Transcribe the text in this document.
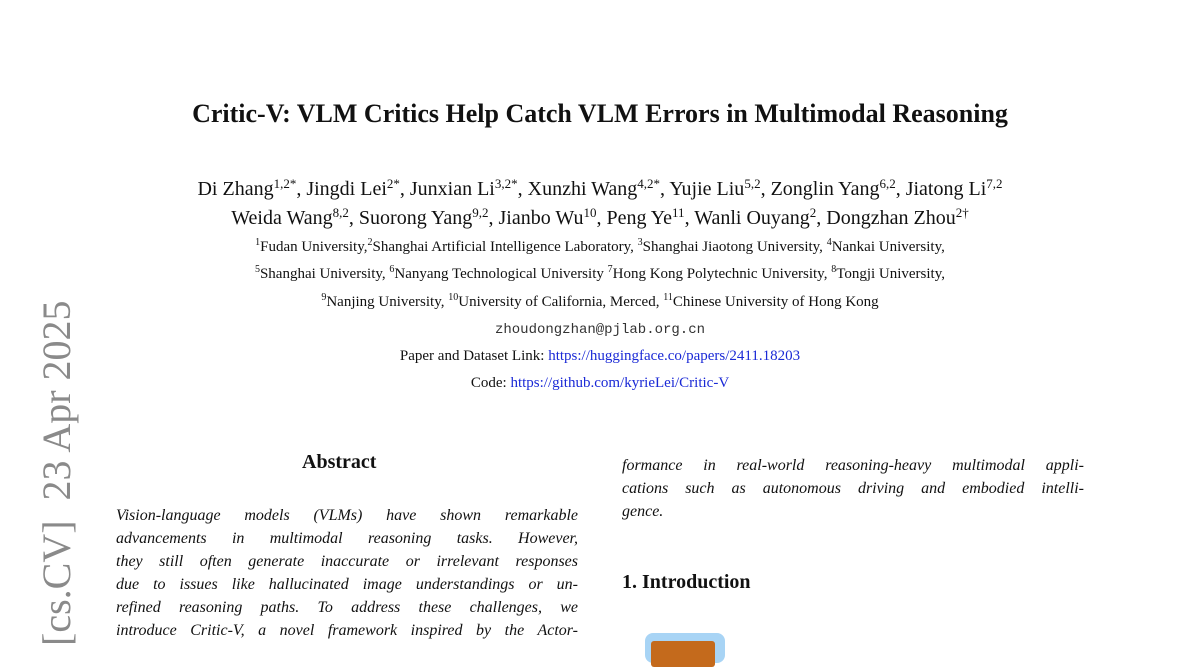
[cs.CV]  23 Apr 2025
Critic-V: VLM Critics Help Catch VLM Errors in Multimodal Reasoning
Di Zhang$^{1,2*}$, Jingdi Lei$^{2*}$, Junxian $Li^{3,2*}$, Xunzhi Wang$^{4,2*}$, Yujie Liu$^{5,2}$, Zonglin Yang$^{6,2}$, Jiatong Li$^{7,2}$
Weida Wang$^{8,2}$, Suorong Yang$^{9,2}$, Jianbo Wu$^{10}$, Peng Ye$^{11}$, Wanli Ouyang$^2$, Dongzhan Zhou$^{2\dagger}$
$^1$Fudan University,$^2$Shanghai Artificial Intelligence Laboratory, $^3$Shanghai Jiaotong University, $^4$Nankai University,
$^5$Shanghai University, $^6$Nanyang Technological University $^7$Hong Kong Polytechnic University, $^8$Tongji University,
$^9$Nanjing University, $^{10}$University of California, Merced, $^{11}$Chinese University of Hong Kong
zhoudongzhan@pjlab.org.cn
Paper and Dataset Link: https://huggingface.co/papers/2411.18203
Code: https://github.com/kyrieLei/Critic-V
Abstract
Vision-language models (VLMs) have shown remarkable
advancements in multimodal reasoning tasks. However,
they still often generate inaccurate or irrelevant responses
due to issues like hallucinated image understandings or un-
refined reasoning paths. To address these challenges, we
introduce Critic-V, a novel framework inspired by the Actor-
formance in real-world reasoning-heavy multimodal appli-
cations such as autonomous driving and embodied intelli-
gence.
1. Introduction
